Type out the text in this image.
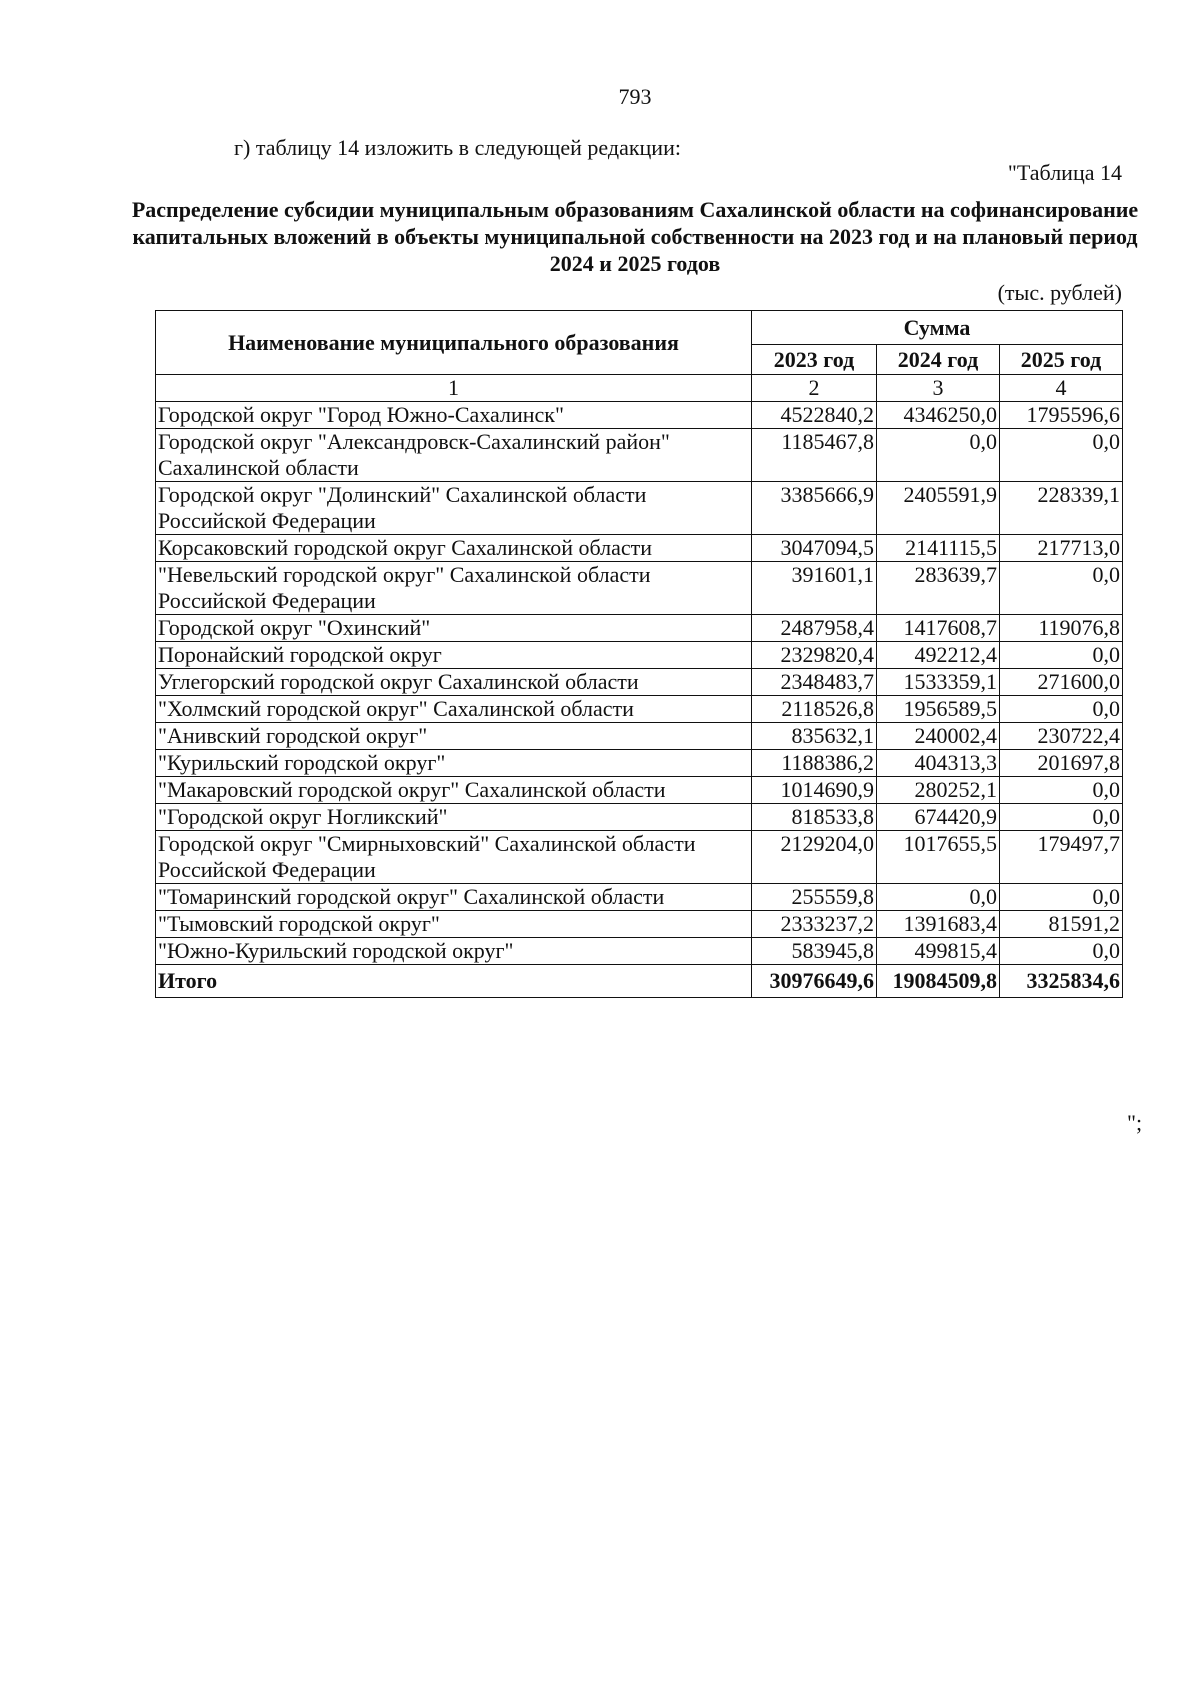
793
г) таблицу 14 изложить в следующей редакции:
"Таблица 14
Распределение субсидии муниципальным образованиям Сахалинской области на софинансирование капитальных вложений в объекты муниципальной собственности на 2023 год и на плановый период 2024 и 2025 годов
(тыс. рублей)
Наименование муниципального образования	Сумма		
	2023 год	2024 год	2025 год
1	2	3	4
Городской округ "Город Южно-Сахалинск"	4522840,2	4346250,0	1795596,6
Городской округ "Александровск-Сахалинский район" Сахалинской области	1185467,8	0,0	0,0
Городской округ "Долинский" Сахалинской области Российской Федерации	3385666,9	2405591,9	228339,1
Корсаковский городской округ Сахалинской области	3047094,5	2141115,5	217713,0
"Невельский городской округ" Сахалинской области Российской Федерации	391601,1	283639,7	0,0
Городской округ "Охинский"	2487958,4	1417608,7	119076,8
Поронайский городской округ	2329820,4	492212,4	0,0
Углегорский городской округ Сахалинской области	2348483,7	1533359,1	271600,0
"Холмский городской округ" Сахалинской области	2118526,8	1956589,5	0,0
"Анивский городской округ"	835632,1	240002,4	230722,4
"Курильский городской округ"	1188386,2	404313,3	201697,8
"Макаровский городской округ" Сахалинской области	1014690,9	280252,1	0,0
"Городской округ Ногликский"	818533,8	674420,9	0,0
Городской округ "Смирныховский" Сахалинской области Российской Федерации	2129204,0	1017655,5	179497,7
"Томаринский городской округ" Сахалинской области	255559,8	0,0	0,0
"Тымовский городской округ"	2333237,2	1391683,4	81591,2
"Южно-Курильский городской округ"	583945,8	499815,4	0,0
Итого	30976649,6	19084509,8	3325834,6
";
